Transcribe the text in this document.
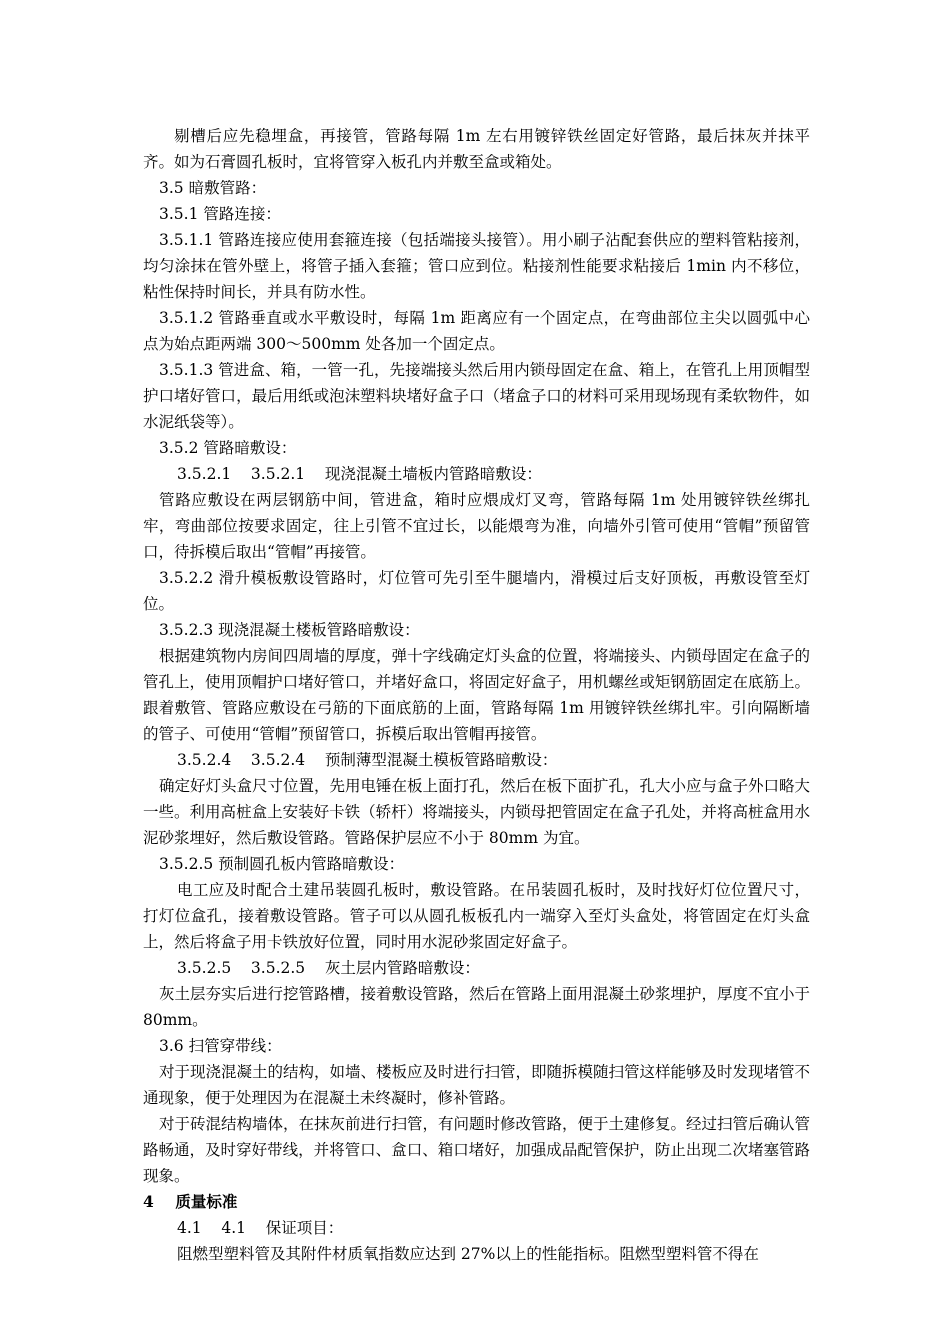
剔槽后应先稳埋盒，再接管，管路每隔 1m 左右用镀锌铁丝固定好管路，最后抹灰并抹平齐。如为石膏圆孔板时，宜将管穿入板孔内并敷至盒或箱处。

3.5 暗敷管路：

3.5.1 管路连接：

3.5.1.1 管路连接应使用套箍连接（包括端接头接管）。用小刷子沾配套供应的塑料管粘接剂，均匀涂抹在管外壁上，将管子插入套箍；管口应到位。粘接剂性能要求粘接后 1min 内不移位，粘性保持时间长，并具有防水性。

3.5.1.2 管路垂直或水平敷设时，每隔 1m 距离应有一个固定点，在弯曲部位主尖以圆弧中心点为始点距两端 300～500mm 处各加一个固定点。

3.5.1.3 管进盒、箱，一管一孔，先接端接头然后用内锁母固定在盒、箱上，在管孔上用顶帽型护口堵好管口，最后用纸或泡沫塑料块堵好盒子口（堵盒子口的材料可采用现场现有柔软物件，如水泥纸袋等）。

3.5.2 管路暗敷设：

3.5.2.1    3.5.2.1    现浇混凝土墙板内管路暗敷设：

管路应敷设在两层钢筋中间，管进盒，箱时应煨成灯叉弯，管路每隔 1m 处用镀锌铁丝绑扎牢，弯曲部位按要求固定，往上引管不宜过长，以能煨弯为准，向墙外引管可使用“管帽”预留管口，待拆模后取出“管帽”再接管。

3.5.2.2 滑升模板敷设管路时，灯位管可先引至牛腿墙内，滑模过后支好顶板，再敷设管至灯位。

3.5.2.3 现浇混凝土楼板管路暗敷设：

根据建筑物内房间四周墙的厚度，弹十字线确定灯头盒的位置，将端接头、内锁母固定在盒子的管孔上，使用顶帽护口堵好管口，并堵好盒口，将固定好盒子，用机螺丝或矩钢筋固定在底筋上。跟着敷管、管路应敷设在弓筋的下面底筋的上面，管路每隔 1m 用镀锌铁丝绑扎牢。引向隔断墙的管子、可使用“管帽”预留管口，拆模后取出管帽再接管。

3.5.2.4    3.5.2.4    预制薄型混凝土模板管路暗敷设：

确定好灯头盒尺寸位置，先用电锤在板上面打孔，然后在板下面扩孔，孔大小应与盒子外口略大一些。利用高桩盒上安装好卡铁（轿杆）将端接头，内锁母把管固定在盒子孔处，并将高桩盒用水泥砂浆埋好，然后敷设管路。管路保护层应不小于 80mm 为宜。

3.5.2.5 预制圆孔板内管路暗敷设：

电工应及时配合土建吊装圆孔板时，敷设管路。在吊装圆孔板时，及时找好灯位位置尺寸，打灯位盒孔，接着敷设管路。管子可以从圆孔板板孔内一端穿入至灯头盒处，将管固定在灯头盒上，然后将盒子用卡铁放好位置，同时用水泥砂浆固定好盒子。

3.5.2.5    3.5.2.5    灰土层内管路暗敷设：

灰土层夯实后进行挖管路槽，接着敷设管路，然后在管路上面用混凝土砂浆埋护，厚度不宜小于 80mm。

3.6 扫管穿带线：

对于现浇混凝土的结构，如墙、楼板应及时进行扫管，即随拆模随扫管这样能够及时发现堵管不通现象，便于处理因为在混凝土未终凝时，修补管路。

对于砖混结构墙体，在抹灰前进行扫管，有问题时修改管路，便于土建修复。经过扫管后确认管路畅通，及时穿好带线，并将管口、盒口、箱口堵好，加强成品配管保护，防止出现二次堵塞管路现象。

4    质量标准

4.1    4.1    保证项目：

阻燃型塑料管及其附件材质氧指数应达到 27%以上的性能指标。阻燃型塑料管不得在
